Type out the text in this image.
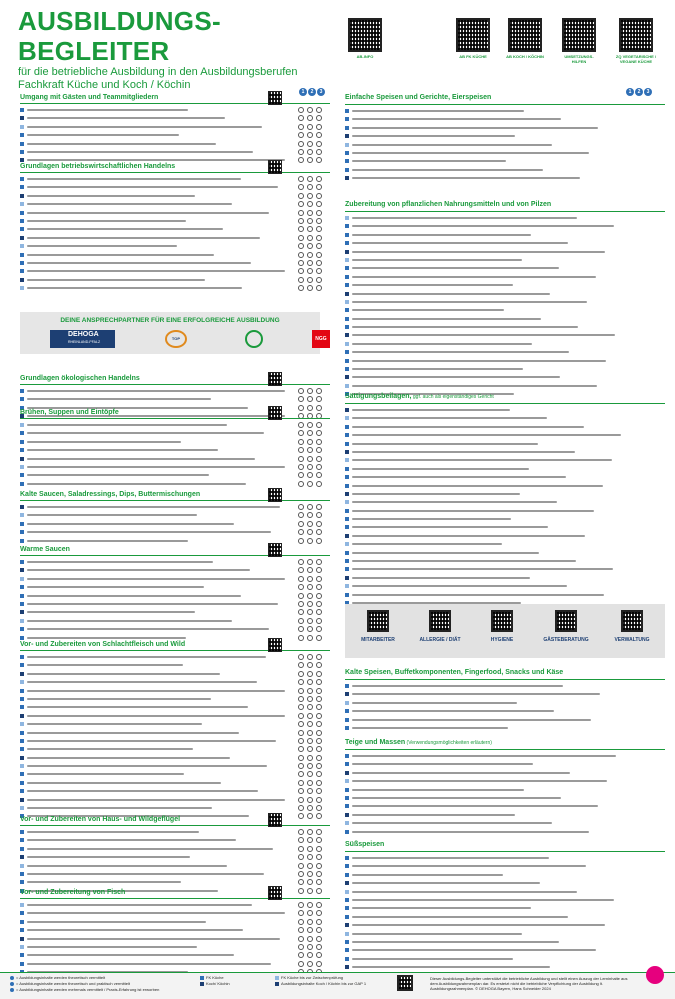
AUSBILDUNGS-BEGLEITER
für die betriebliche Ausbildung in den Ausbildungsberufen
Fachkraft Küche und Koch / Köchin
AB-INFO	AB FK KÜCHE	AB KOCH / KÖCHIN	UMSETZUNGS-HILFEN
ZQ VEGETARISCHE / VEGANE KÜCHE
1 2 3	1 2 3
Umgang mit Gästen und Teammitgliedern
Grundlagen betriebswirtschaftlichen Handelns
Grundlagen ökologischen Handelns
Brühen, Suppen und Eintöpfe
Kalte Saucen, Saladressings, Dips, Buttermischungen
Warme Saucen
Vor- und Zubereiten von Schlachtfleisch und Wild
Vor- und Zubereiten von Haus- und Wildgeflügel
Vor- und Zubereitung von Fisch
Einfache Speisen und Gerichte, Eierspeisen
Zubereitung von pflanzlichen Nahrungsmitteln und von Pilzen
Sättigungsbeilagen, ggf. auch als eigenständiges Gericht
Kalte Speisen, Buffetkomponenten, Fingerfood, Snacks und Käse
Teige und Massen (Verwendungsmöglichkeiten erläutern)
Süßspeisen
DEINE ANSPRECHPARTNER FÜR EINE ERFOLGREICHE AUSBILDUNG
DEHOGA
RHEINLAND-PFALZ
TOP	NGG
MITARBEITER	ALLERGIE / DIÄT	HYGIENE	GÄSTEBERATUNG	VERWALTUNG
= Ausbildungsinhalte werden theoretisch vermittelt
= Ausbildungsinhalte werden theoretisch und praktisch vermittelt
= Ausbildungsinhalte werden mehrmals vermittelt / Praxis-Erfahrung ist erworben
FK Küche
Koch/ Köchin
FK Küche bis zur Zwischenprüfung
Ausbildungsinhalte Koch / Köchin bis zur GAP 1
Dieser Ausbildungs-Begleiter unterstützt die betriebliche Ausbildung und stellt einen Auszug der Lerninhalte aus dem Ausbildungsrahmenplan dar. Es erstetzt nicht die betriebliche Verpflichtung der Ausbildung lt. Ausbildungsrahmenplan. © DEHOGA Bayern, Hans Schneider 2024
